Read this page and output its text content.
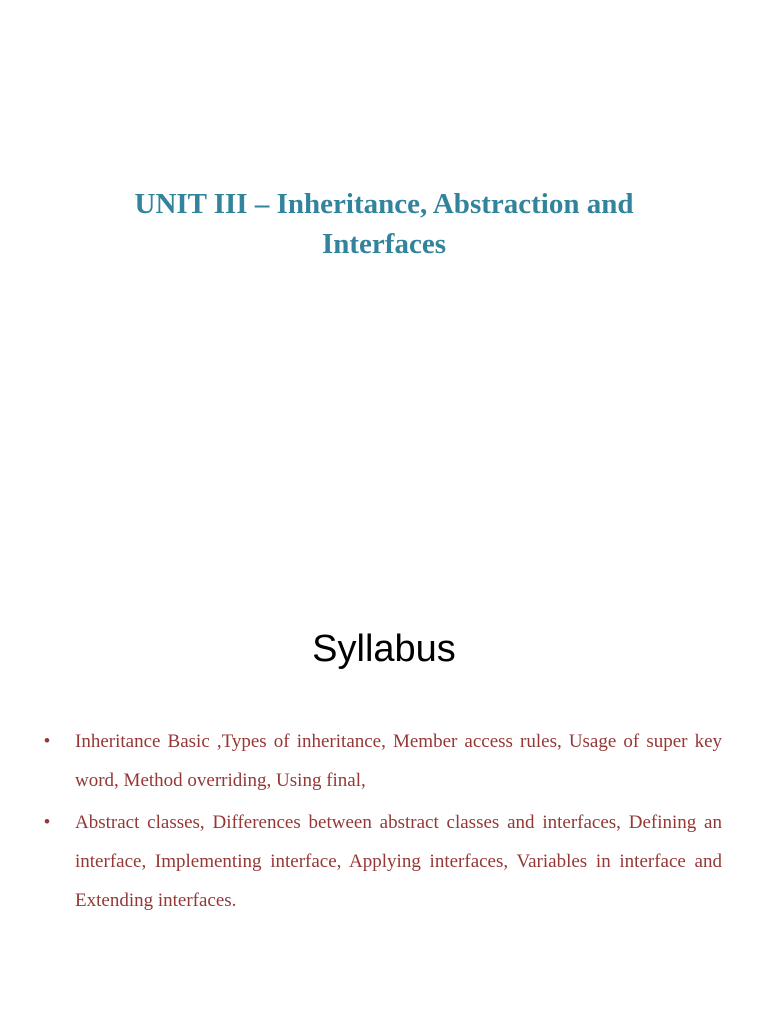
UNIT III – Inheritance, Abstraction and Interfaces
Syllabus
• Inheritance Basic ,Types of inheritance, Member access rules, Usage of super key word, Method overriding, Using final,
• Abstract classes, Differences between abstract classes and interfaces, Defining an interface, Implementing interface, Applying interfaces, Variables in interface and Extending interfaces.
